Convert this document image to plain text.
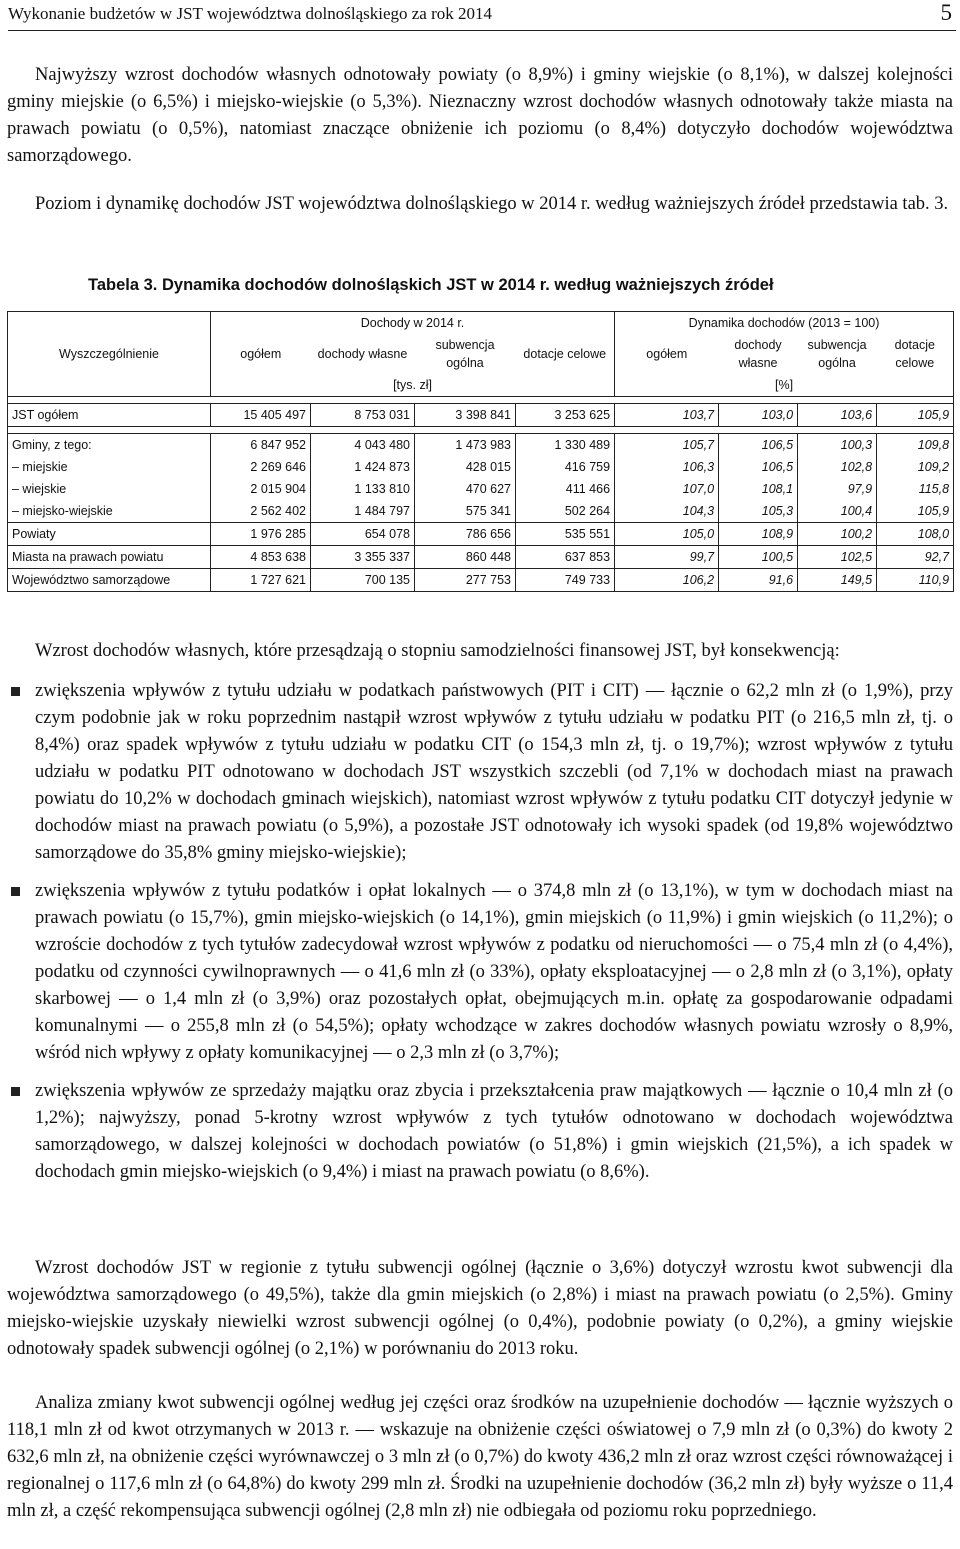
Wykonanie budżetów w JST województwa dolnośląskiego za rok 2014	5

Najwyższy wzrost dochodów własnych odnotowały powiaty (o 8,9%) i gminy wiejskie (o 8,1%), w dalszej kolejności gminy miejskie (o 6,5%) i miejsko-wiejskie (o 5,3%). Nieznaczny wzrost dochodów własnych odnotowały także miasta na prawach powiatu (o 0,5%), natomiast znaczące obniżenie ich poziomu (o 8,4%) dotyczyło dochodów województwa samorządowego.

Poziom i dynamikę dochodów JST województwa dolnośląskiego w 2014 r. według ważniejszych źródeł przedstawia tab. 3.

Tabela 3. Dynamika dochodów dolnośląskich JST w 2014 r. według ważniejszych źródeł
Wyszczególnienie	Dochody w 2014 r.				Dynamika dochodów (2013 = 100)			
	ogółem	dochody własne	subwencja ogólna	dotacje celowe	ogółem	dochody własne	subwencja ogólna	dotacje celowe
	[tys. zł]				[%]			

JST ogółem	15 405 497	8 753 031	3 398 841	3 253 625	103,7	103,0	103,6	105,9

Gminy, z tego:	6 847 952	4 043 480	1 473 983	1 330 489	105,7	106,5	100,3	109,8
– miejskie	2 269 646	1 424 873	428 015	416 759	106,3	106,5	102,8	109,2
– wiejskie	2 015 904	1 133 810	470 627	411 466	107,0	108,1	97,9	115,8
– miejsko-wiejskie	2 562 402	1 484 797	575 341	502 264	104,3	105,3	100,4	105,9
Powiaty	1 976 285	654 078	786 656	535 551	105,0	108,9	100,2	108,0
Miasta na prawach powiatu	4 853 638	3 355 337	860 448	637 853	99,7	100,5	102,5	92,7
Województwo samorządowe	1 727 621	700 135	277 753	749 733	106,2	91,6	149,5	110,9

Wzrost dochodów własnych, które przesądzają o stopniu samodzielności finansowej JST, był konsekwencją:

zwiększenia wpływów z tytułu udziału w podatkach państwowych (PIT i CIT) — łącznie o 62,2 mln zł (o 1,9%), przy czym podobnie jak w roku poprzednim nastąpił wzrost wpływów z tytułu udziału w podatku PIT (o 216,5 mln zł, tj. o 8,4%) oraz spadek wpływów z tytułu udziału w podatku CIT (o 154,3 mln zł, tj. o 19,7%); wzrost wpływów z tytułu udziału w podatku PIT odnotowano w dochodach JST wszystkich szczebli (od 7,1% w dochodach miast na prawach powiatu do 10,2% w dochodach gminach wiejskich), natomiast wzrost wpływów z tytułu podatku CIT dotyczył jedynie w dochodów miast na prawach powiatu (o 5,9%), a pozostałe JST odnotowały ich wysoki spadek (od 19,8% województwo samorządowe do 35,8% gminy miejsko-wiejskie);
zwiększenia wpływów z tytułu podatków i opłat lokalnych — o 374,8 mln zł (o 13,1%), w tym w dochodach miast na prawach powiatu (o 15,7%), gmin miejsko-wiejskich (o 14,1%), gmin miejskich (o 11,9%) i gmin wiejskich (o 11,2%); o wzroście dochodów z tych tytułów zadecydował wzrost wpływów z podatku od nieruchomości — o 75,4 mln zł (o 4,4%), podatku od czynności cywilnoprawnych — o 41,6 mln zł (o 33%), opłaty eksploatacyjnej — o 2,8 mln zł (o 3,1%), opłaty skarbowej — o 1,4 mln zł (o 3,9%) oraz pozostałych opłat, obejmujących m.in. opłatę za gospodarowanie odpadami komunalnymi — o 255,8 mln zł (o 54,5%); opłaty wchodzące w zakres dochodów własnych powiatu wzrosły o 8,9%, wśród nich wpływy z opłaty komunikacyjnej — o 2,3 mln zł (o 3,7%);
zwiększenia wpływów ze sprzedaży majątku oraz zbycia i przekształcenia praw majątkowych — łącznie o 10,4 mln zł (o 1,2%); najwyższy, ponad 5-krotny wzrost wpływów z tych tytułów odnotowano w dochodach województwa samorządowego, w dalszej kolejności w dochodach powiatów (o 51,8%) i gmin wiejskich (21,5%), a ich spadek w dochodach gmin miejsko-wiejskich (o 9,4%) i miast na prawach powiatu (o 8,6%).

Wzrost dochodów JST w regionie z tytułu subwencji ogólnej (łącznie o 3,6%) dotyczył wzrostu kwot subwencji dla województwa samorządowego (o 49,5%), także dla gmin miejskich (o 2,8%) i miast na prawach powiatu (o 2,5%). Gminy miejsko-wiejskie uzyskały niewielki wzrost subwencji ogólnej (o 0,4%), podobnie powiaty (o 0,2%), a gminy wiejskie odnotowały spadek subwencji ogólnej (o 2,1%) w porównaniu do 2013 roku.

Analiza zmiany kwot subwencji ogólnej według jej części oraz środków na uzupełnienie dochodów — łącznie wyższych o 118,1 mln zł od kwot otrzymanych w 2013 r. — wskazuje na obniżenie części oświatowej o 7,9 mln zł (o 0,3%) do kwoty 2 632,6 mln zł, na obniżenie części wyrównawczej o 3 mln zł (o 0,7%) do kwoty 436,2 mln zł oraz wzrost części równoważącej i regionalnej o 117,6 mln zł (o 64,8%) do kwoty 299 mln zł. Środki na uzupełnienie dochodów (36,2 mln zł) były wyższe o 11,4 mln zł, a część rekompensująca subwencji ogólnej (2,8 mln zł) nie odbiegała od poziomu roku poprzedniego.
